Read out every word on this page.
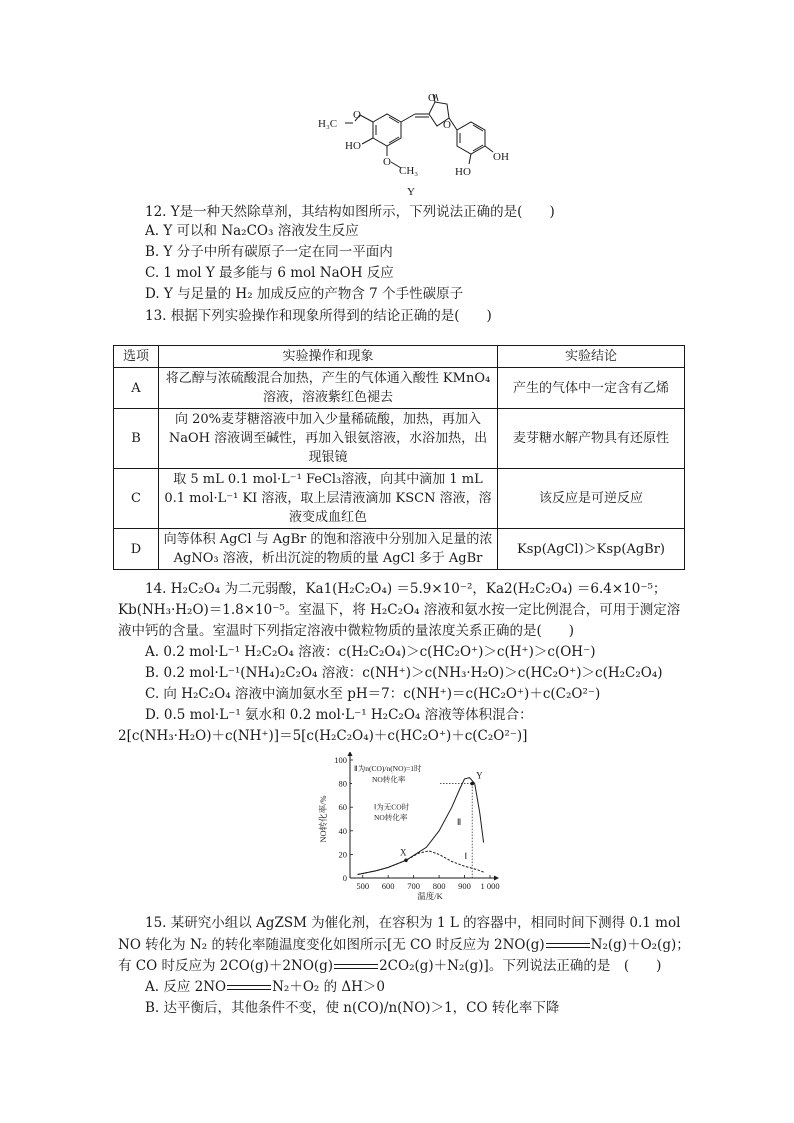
O
O
H₃C
O
HO
O
CH₃
OH
HO
Y
12. Y是一种天然除草剂，其结构如图所示，下列说法正确的是(　　)
A. Y 可以和 Na₂CO₃ 溶液发生反应
B. Y 分子中所有碳原子一定在同一平面内
C. 1 mol Y 最多能与 6 mol NaOH 反应
D. Y 与足量的 H₂ 加成反应的产物含 7 个手性碳原子
13. 根据下列实验操作和现象所得到的结论正确的是(　　)
选项	实验操作和现象	实验结论
A	将乙醇与浓硫酸混合加热，产生的气体通入酸性 KMnO₄ 溶液，溶液紫红色褪去	产生的气体中一定含有乙烯
B	向 20%麦芽糖溶液中加入少量稀硫酸，加热，再加入 NaOH 溶液调至碱性，再加入银氨溶液，水浴加热，出现银镜	麦芽糖水解产物具有还原性
C	取 5 mL 0.1 mol·L⁻¹ FeCl₃溶液，向其中滴加 1 mL 0.1 mol·L⁻¹ KI 溶液，取上层清液滴加 KSCN 溶液，溶液变成血红色	该反应是可逆反应
D	向等体积 AgCl 与 AgBr 的饱和溶液中分别加入足量的浓 AgNO₃ 溶液，析出沉淀的物质的量 AgCl 多于 AgBr	Ksp(AgCl)＞Ksp(AgBr)
14. H₂C₂O₄ 为二元弱酸，Ka1(H₂C₂O₄) ＝5.9×10⁻²，Ka2(H₂C₂O₄) ＝6.4×10⁻⁵；
Kb(NH₃·H₂O)＝1.8×10⁻⁵。室温下，将 H₂C₂O₄ 溶液和氨水按一定比例混合，可用于测定溶
液中钙的含量。室温时下列指定溶液中微粒物质的量浓度关系正确的是(　　)
A. 0.2 mol·L⁻¹ H₂C₂O₄ 溶液：c(H₂C₂O₄)＞c(HC₂O⁺)＞c(H⁺)＞c(OH⁻)
B. 0.2 mol·L⁻¹(NH₄)₂C₂O₄ 溶液：c(NH⁺)＞c(NH₃·H₂O)＞c(HC₂O⁺)＞c(H₂C₂O₄)
C. 向 H₂C₂O₄ 溶液中滴加氨水至 pH＝7：c(NH⁺)＝c(HC₂O⁺)＋c(C₂O²⁻)
D. 0.5 mol·L⁻¹ 氨水和 0.2 mol·L⁻¹ H₂C₂O₄ 溶液等体积混合：
2[c(NH₃·H₂O)＋c(NH⁺)]＝5[c(H₂C₂O₄)＋c(HC₂O⁺)＋c(C₂O²⁻)]
500 600 700 800 900 1 000
0
20
40
60
80
100
温度/K
NO转化率/%	Ⅱ
Ⅰ
X
Y
Ⅱ为n(CO)/n(NO)=1时
NO转化率
Ⅰ为无CO时
NO转化率
15. 某研究小组以 AgZSM 为催化剂，在容积为 1 L 的容器中，相同时间下测得 0.1 mol
NO 转化为 N₂ 的转化率随温度变化如图所示[无 CO 时反应为 2NO(g)	N₂(g)＋O₂(g)；
有 CO 时反应为 2CO(g)＋2NO(g)	2CO₂(g)＋N₂(g)]。下列说法正确的是　(　　)
A. 反应 2NO	N₂＋O₂ 的 ΔH＞0
B. 达平衡后，其他条件不变，使 n(CO)/n(NO)＞1，CO 转化率下降
